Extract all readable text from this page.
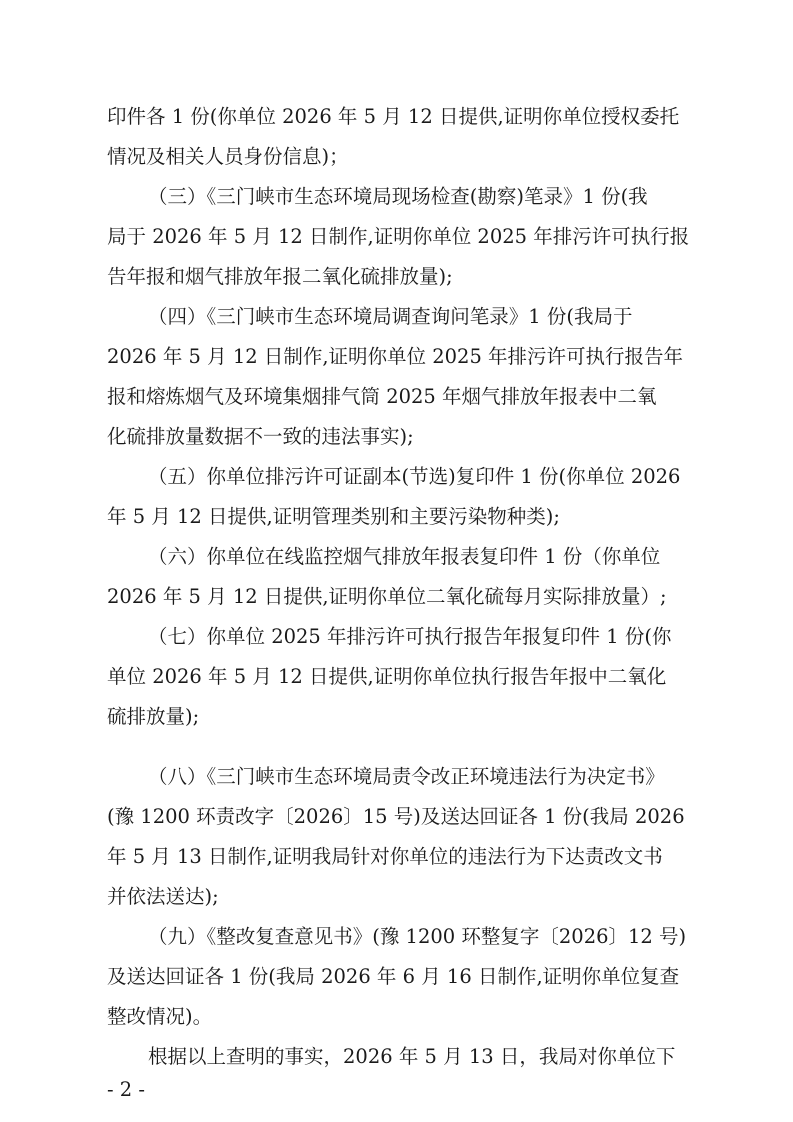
印件各 1 份(你单位 2026 年 5 月 12 日提供,证明你单位授权委托
情况及相关人员身份信息)；
（三）《三门峡市生态环境局现场检查(勘察)笔录》1 份(我
局于 2026 年 5 月 12 日制作,证明你单位 2025 年排污许可执行报
告年报和烟气排放年报二氧化硫排放量);
（四）《三门峡市生态环境局调查询问笔录》1 份(我局于
2026 年 5 月 12 日制作,证明你单位 2025 年排污许可执行报告年
报和熔炼烟气及环境集烟排气筒 2025 年烟气排放年报表中二氧
化硫排放量数据不一致的违法事实);
（五）你单位排污许可证副本(节选)复印件 1 份(你单位 2026
年 5 月 12 日提供,证明管理类别和主要污染物种类);
（六）你单位在线监控烟气排放年报表复印件 1 份（你单位
2026 年 5 月 12 日提供,证明你单位二氧化硫每月实际排放量）;
（七）你单位 2025 年排污许可执行报告年报复印件 1 份(你
单位 2026 年 5 月 12 日提供,证明你单位执行报告年报中二氧化
硫排放量);
（八）《三门峡市生态环境局责令改正环境违法行为决定书》
(豫 1200 环责改字〔2026〕15 号)及送达回证各 1 份(我局 2026
年 5 月 13 日制作,证明我局针对你单位的违法行为下达责改文书
并依法送达);
（九）《整改复查意见书》(豫 1200 环整复字〔2026〕12 号)
及送达回证各 1 份(我局 2026 年 6 月 16 日制作,证明你单位复查
整改情况)。
根据以上查明的事实，2026 年 5 月 13 日，我局对你单位下
- 2 -
